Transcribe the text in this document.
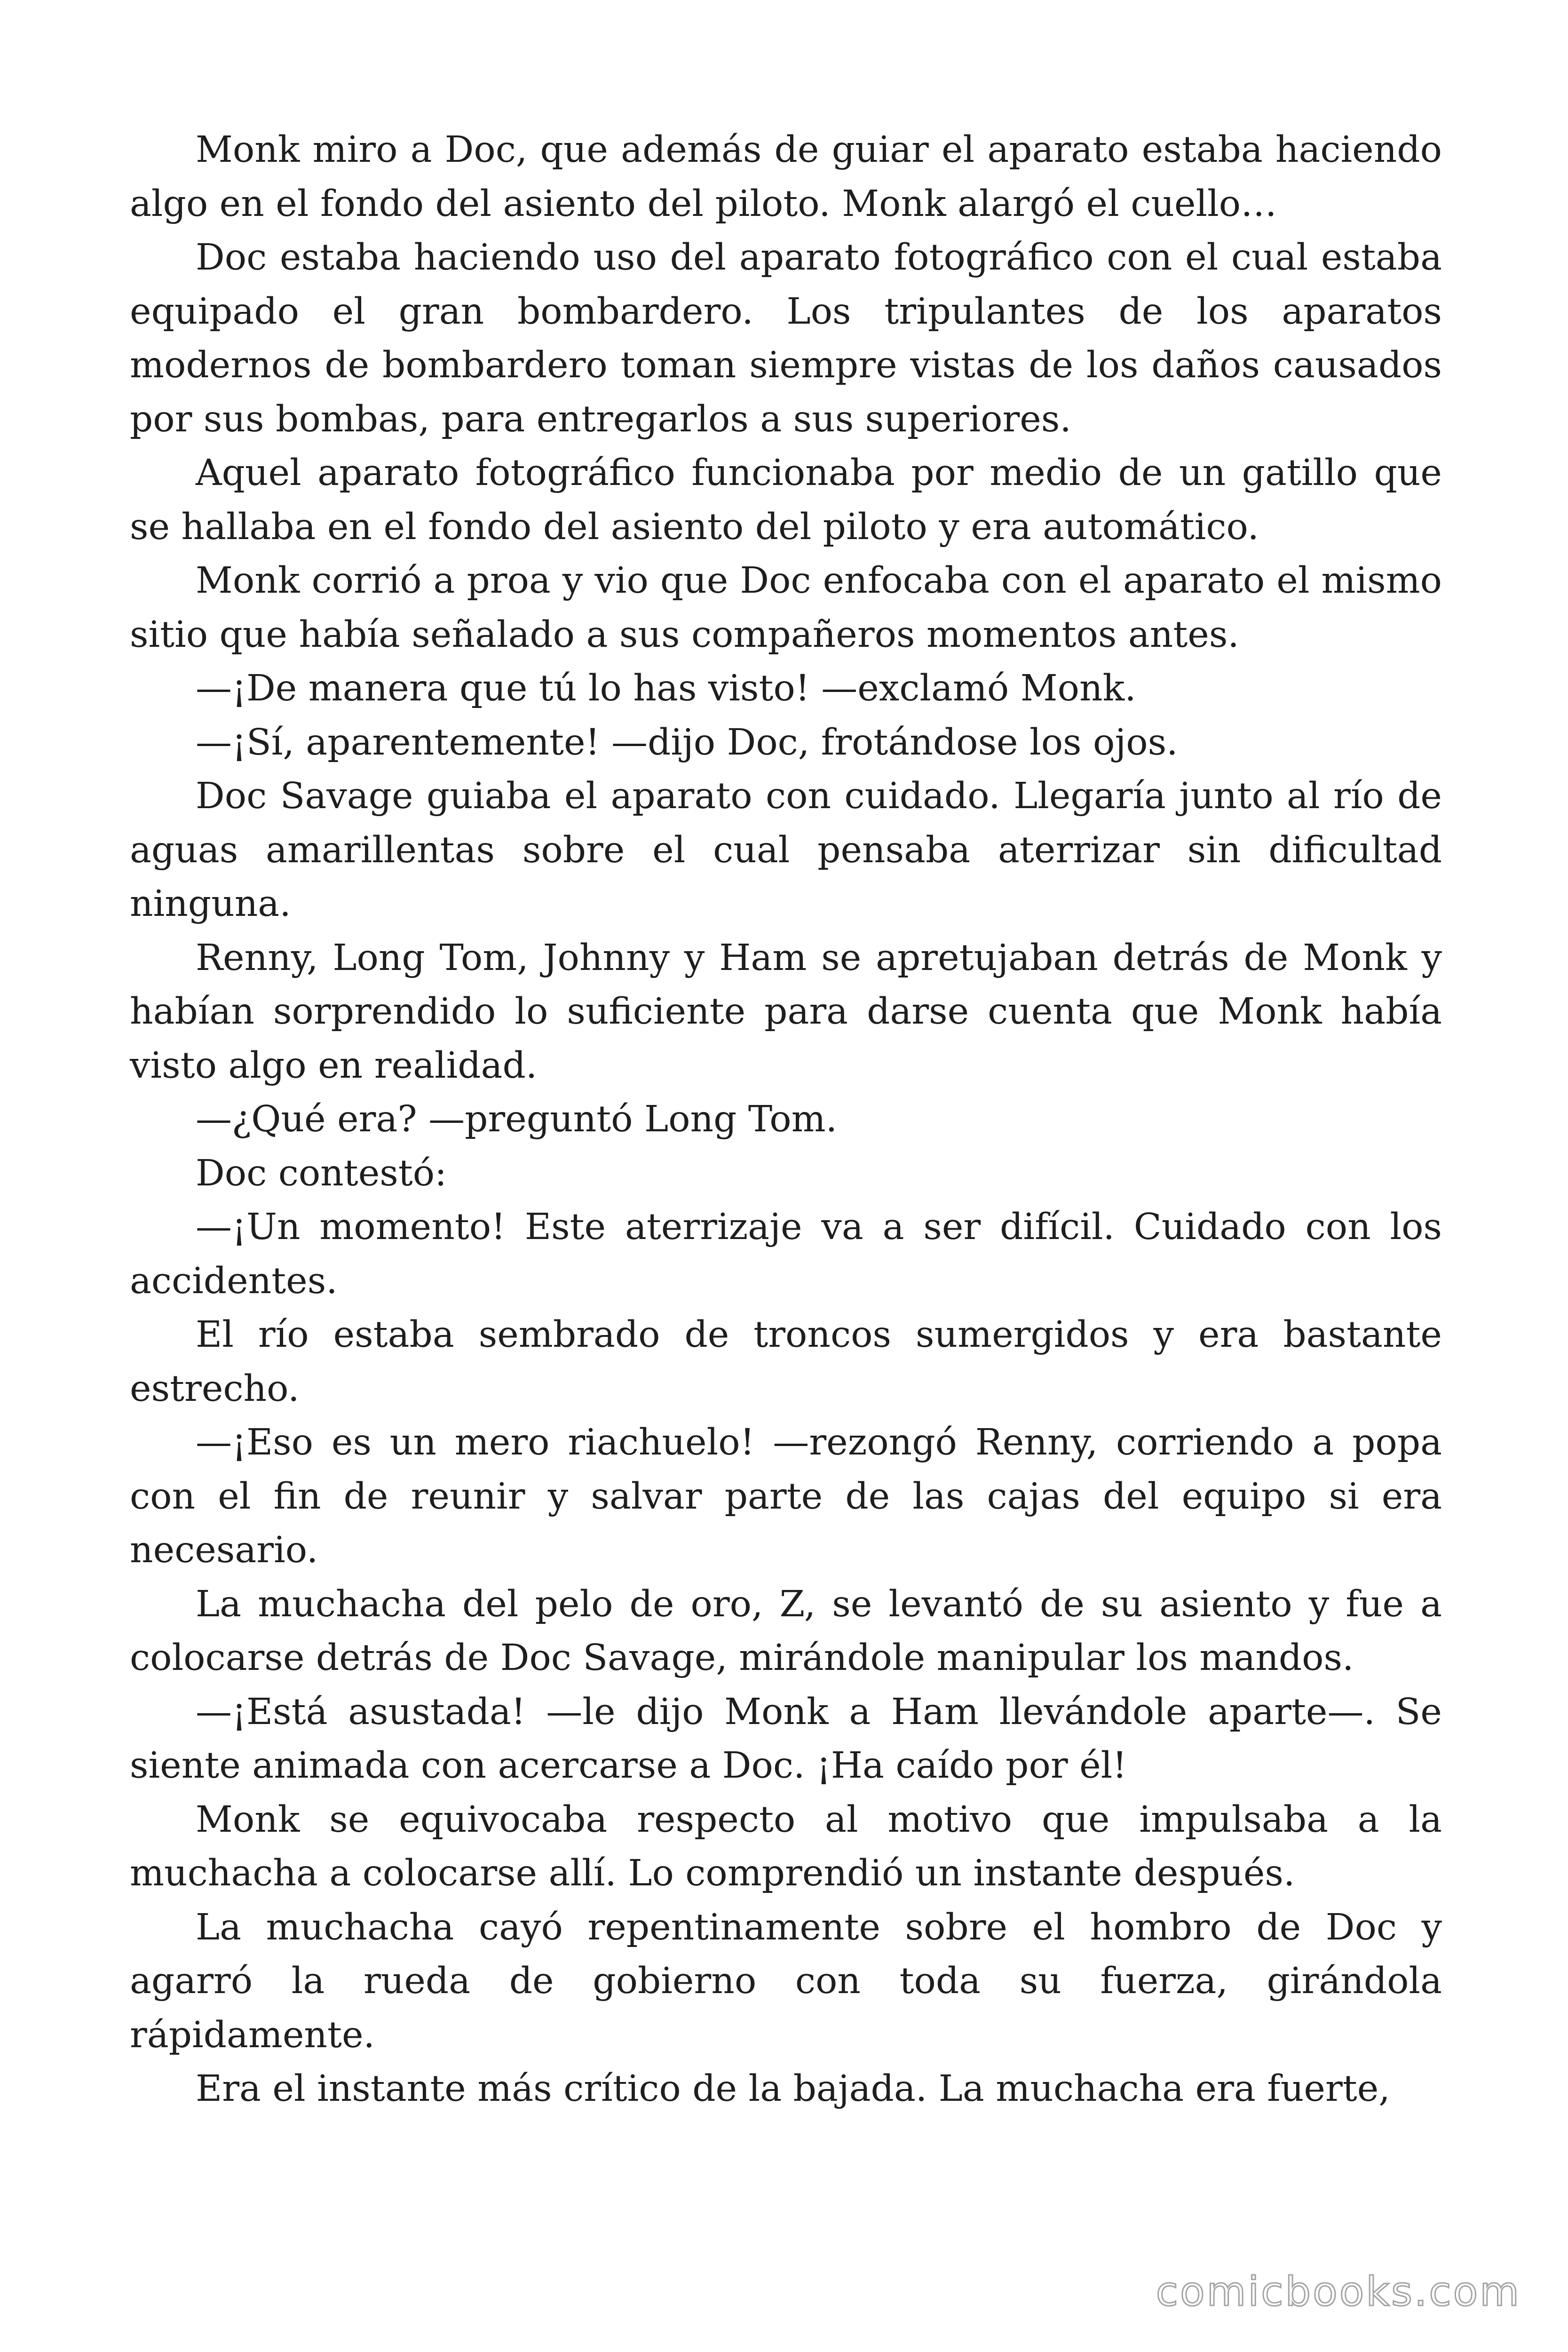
Monk miro a Doc, que además de guiar el aparato estaba haciendo algo en el fondo del asiento del piloto. Monk alargó el cuello…

Doc estaba haciendo uso del aparato fotográfico con el cual estaba equipado el gran bombardero. Los tripulantes de los aparatos modernos de bombardero toman siempre vistas de los daños causados por sus bombas, para entregarlos a sus superiores.

Aquel aparato fotográfico funcionaba por medio de un gatillo que se hallaba en el fondo del asiento del piloto y era automático.

Monk corrió a proa y vio que Doc enfocaba con el aparato el mismo sitio que había señalado a sus compañeros momentos antes.

—¡De manera que tú lo has visto! —exclamó Monk.

—¡Sí, aparentemente! —dijo Doc, frotándose los ojos.

Doc Savage guiaba el aparato con cuidado. Llegaría junto al río de aguas amarillentas sobre el cual pensaba aterrizar sin dificultad ninguna.

Renny, Long Tom, Johnny y Ham se apretujaban detrás de Monk y habían sorprendido lo suficiente para darse cuenta que Monk había visto algo en realidad.

—¿Qué era? —preguntó Long Tom.

Doc contestó:

—¡Un momento! Este aterrizaje va a ser difícil. Cuidado con los accidentes.

El río estaba sembrado de troncos sumergidos y era bastante estrecho.

—¡Eso es un mero riachuelo! —rezongó Renny, corriendo a popa con el fin de reunir y salvar parte de las cajas del equipo si era necesario.

La muchacha del pelo de oro, Z, se levantó de su asiento y fue a colocarse detrás de Doc Savage, mirándole manipular los mandos.

—¡Está asustada! —le dijo Monk a Ham llevándole aparte—. Se siente animada con acercarse a Doc. ¡Ha caído por él!

Monk se equivocaba respecto al motivo que impulsaba a la muchacha a colocarse allí. Lo comprendió un instante después.

La muchacha cayó repentinamente sobre el hombro de Doc y agarró la rueda de gobierno con toda su fuerza, girándola rápidamente.

Era el instante más crítico de la bajada. La muchacha era fuerte,

comicbooks.com
